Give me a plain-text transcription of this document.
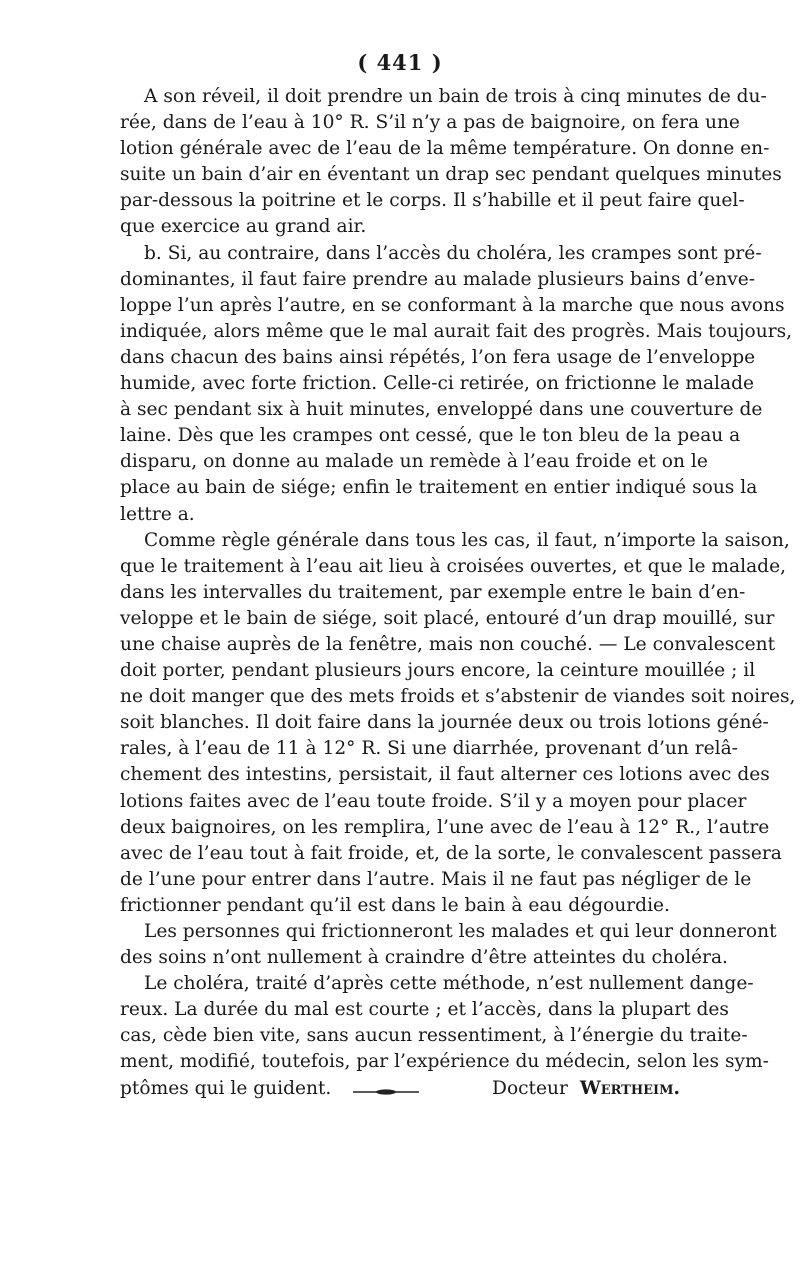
( 441 )
A son réveil, il doit prendre un bain de trois à cinq minutes de du-
rée, dans de l’eau à 10° R. S’il n’y a pas de baignoire, on fera une
lotion générale avec de l’eau de la même température. On donne en-
suite un bain d’air en éventant un drap sec pendant quelques minutes
par-dessous la poitrine et le corps. Il s’habille et il peut faire quel-
que exercice au grand air.
b. Si, au contraire, dans l’accès du choléra, les crampes sont pré-
dominantes, il faut faire prendre au malade plusieurs bains d’enve-
loppe l’un après l’autre, en se conformant à la marche que nous avons
indiquée, alors même que le mal aurait fait des progrès. Mais toujours,
dans chacun des bains ainsi répétés, l’on fera usage de l’enveloppe
humide, avec forte friction. Celle-ci retirée, on frictionne le malade
à sec pendant six à huit minutes, enveloppé dans une couverture de
laine. Dès que les crampes ont cessé, que le ton bleu de la peau a
disparu, on donne au malade un remède à l’eau froide et on le
place au bain de siége; enfin le traitement en entier indiqué sous la
lettre a.
Comme règle générale dans tous les cas, il faut, n’importe la saison,
que le traitement à l’eau ait lieu à croisées ouvertes, et que le malade,
dans les intervalles du traitement, par exemple entre le bain d’en-
veloppe et le bain de siége, soit placé, entouré d’un drap mouillé, sur
une chaise auprès de la fenêtre, mais non couché. — Le convalescent
doit porter, pendant plusieurs jours encore, la ceinture mouillée ; il
ne doit manger que des mets froids et s’abstenir de viandes soit noires,
soit blanches. Il doit faire dans la journée deux ou trois lotions géné-
rales, à l’eau de 11 à 12° R. Si une diarrhée, provenant d’un relâ-
chement des intestins, persistait, il faut alterner ces lotions avec des
lotions faites avec de l’eau toute froide. S’il y a moyen pour placer
deux baignoires, on les remplira, l’une avec de l’eau à 12° R., l’autre
avec de l’eau tout à fait froide, et, de la sorte, le convalescent passera
de l’une pour entrer dans l’autre. Mais il ne faut pas négliger de le
frictionner pendant qu’il est dans le bain à eau dégourdie.
Les personnes qui frictionneront les malades et qui leur donneront
des soins n’ont nullement à craindre d’être atteintes du choléra.
Le choléra, traité d’après cette méthode, n’est nullement dange-
reux. La durée du mal est courte ; et l’accès, dans la plupart des
cas, cède bien vite, sans aucun ressentiment, à l’énergie du traite-
ment, modifié, toutefois, par l’expérience du médecin, selon les sym-
ptômes qui le guident.	Docteur Wertheim.
